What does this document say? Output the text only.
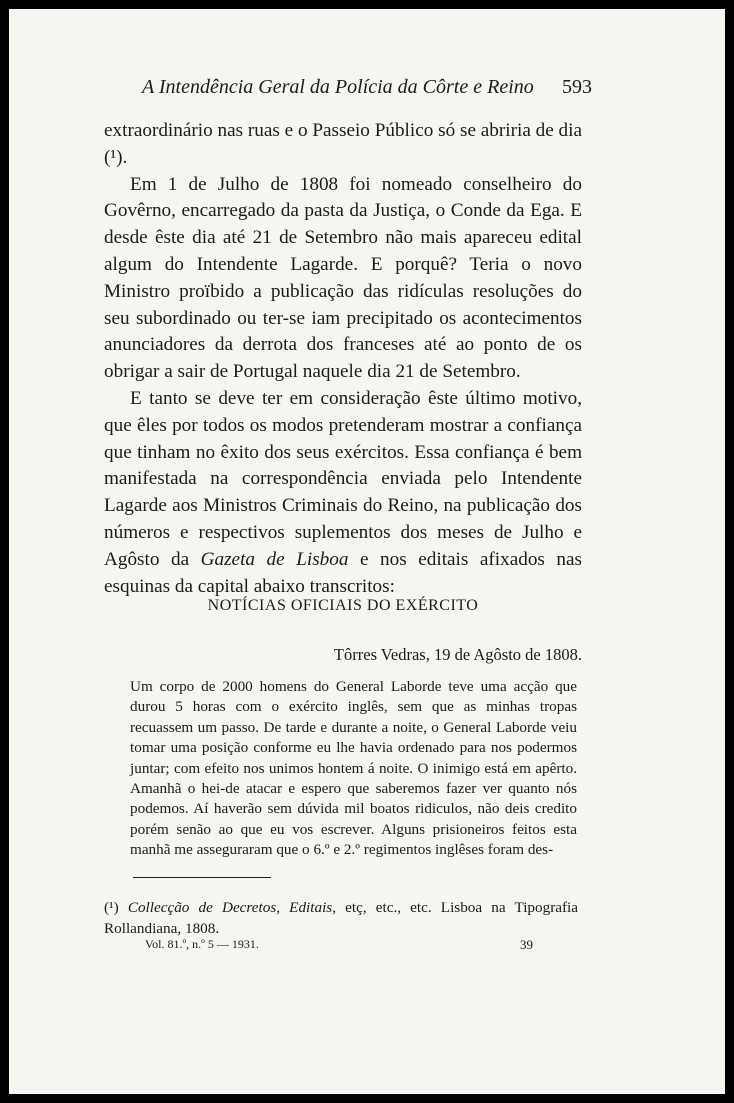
A Intendência Geral da Polícia da Côrte e Reino 593

extraordinário nas ruas e o Passeio Público só se abriria de dia (¹).

Em 1 de Julho de 1808 foi nomeado conselheiro do Govêrno, encarregado da pasta da Justiça, o Conde da Ega. E desde êste dia até 21 de Setembro não mais apareceu edital algum do Intendente Lagarde. E porquê? Teria o novo Ministro proïbido a publicação das ridículas resoluções do seu subordinado ou ter-se iam precipitado os acontecimentos anunciadores da derrota dos franceses até ao ponto de os obrigar a sair de Portugal naquele dia 21 de Setembro.

E tanto se deve ter em consideração êste último motivo, que êles por todos os modos pretenderam mostrar a confiança que tinham no êxito dos seus exércitos. Essa confiança é bem manifestada na correspondência enviada pelo Intendente Lagarde aos Ministros Criminais do Reino, na publicação dos números e respectivos suplementos dos meses de Julho e Agôsto da Gazeta de Lisboa e nos editais afixados nas esquinas da capital abaixo transcritos:

NOTÍCIAS OFICIAIS DO EXÉRCITO
Tôrres Vedras, 19 de Agôsto de 1808.

Um corpo de 2000 homens do General Laborde teve uma acção que durou 5 horas com o exército inglês, sem que as minhas tropas recuassem um passo. De tarde e durante a noite, o General Laborde veiu tomar uma posição conforme eu lhe havia ordenado para nos podermos juntar; com efeito nos unimos hontem á noite. O inimigo está em apêrto. Amanhã o hei-de atacar e espero que saberemos fazer ver quanto nós podemos. Aí haverão sem dúvida mil boatos ridiculos, não deis credito porém senão ao que eu vos escrever. Alguns prisioneiros feitos esta manhã me asseguraram que o 6.º e 2.º regimentos inglêses foram des-

(¹) Collecção de Decretos, Editais, etç, etc., etc. Lisboa na Tipografia Rollandiana, 1808.
Vol. 81.º, n.º 5 — 1931.	39
